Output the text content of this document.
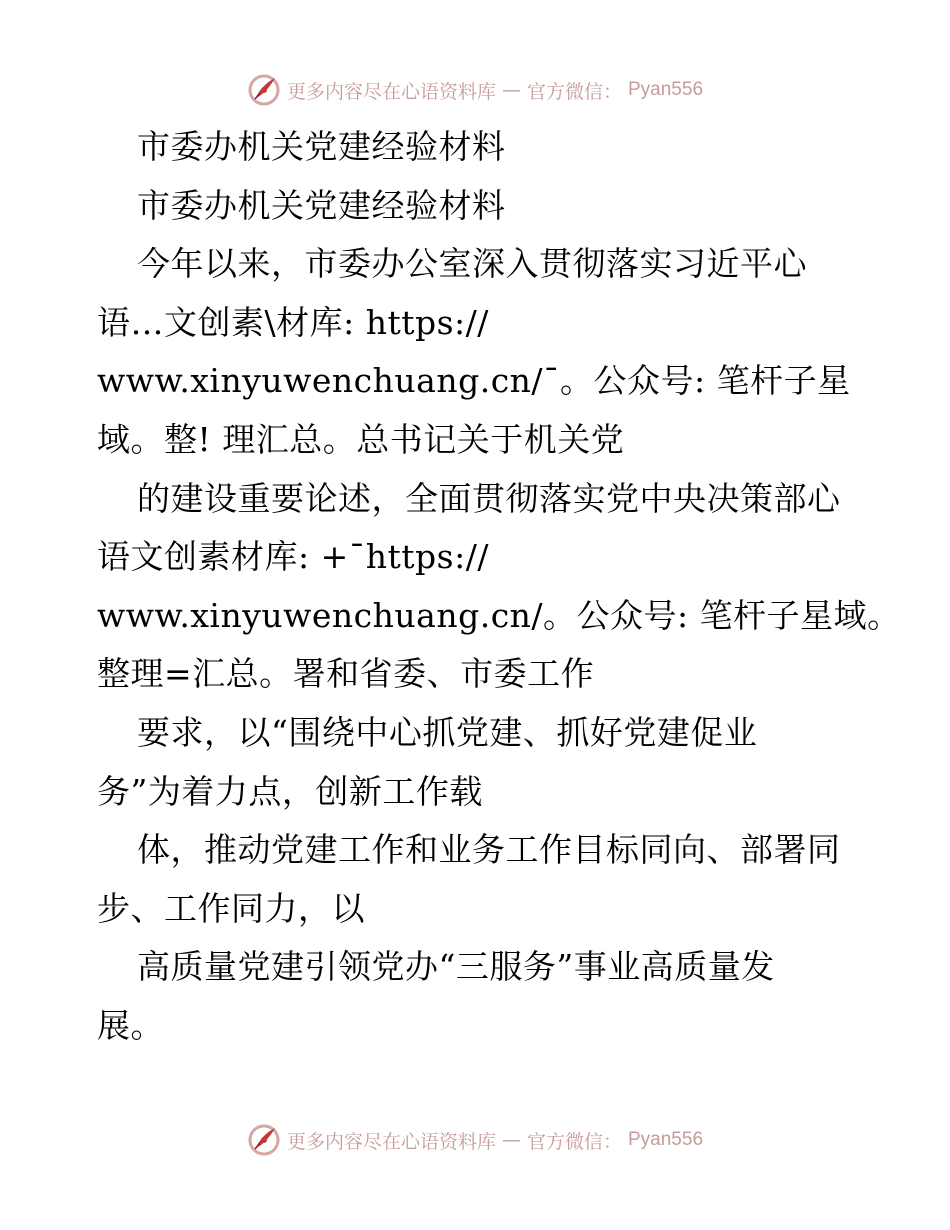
更多内容尽在心语资料库 — 官方微信： Pyan556
市委办机关党建经验材料
市委办机关党建经验材料
今年以来，市委办公室深入贯彻落实习近平心
语…文创素\材库: https://
www.xinyuwenchuang.cn/¯。公众号: 笔杆子星
域。整! 理汇总。总书记关于机关党
的建设重要论述，全面贯彻落实党中央决策部心
语文创素材库: +¯https://
www.xinyuwenchuang.cn/。公众号: 笔杆子星域。
整理=汇总。署和省委、市委工作
要求，以“围绕中心抓党建、抓好党建促业
务”为着力点，创新工作载
体，推动党建工作和业务工作目标同向、部署同
步、工作同力，以
高质量党建引领党办“三服务”事业高质量发
展。
更多内容尽在心语资料库 — 官方微信： Pyan556
